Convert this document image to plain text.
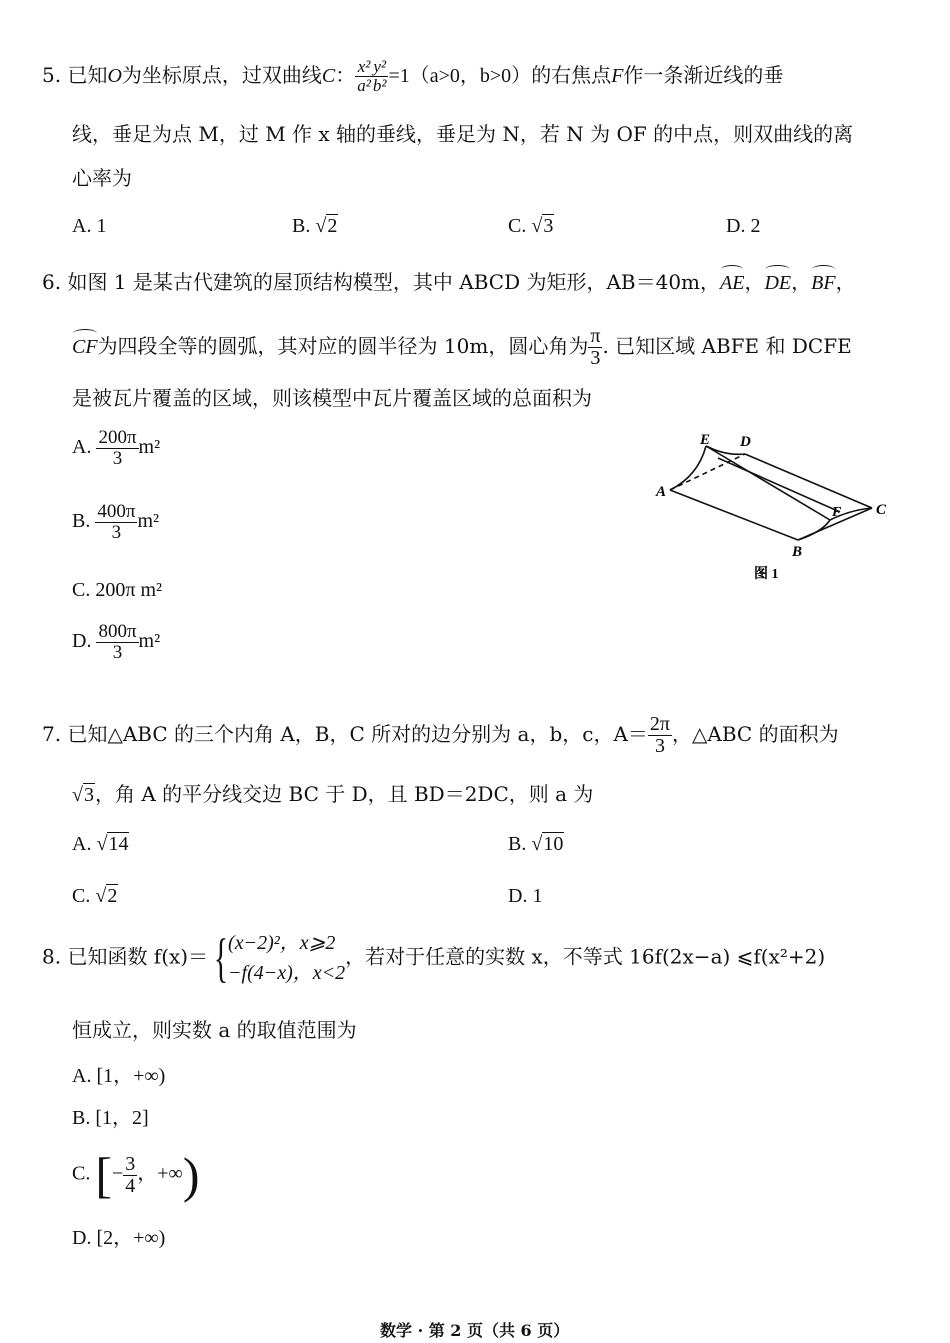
5. 已知O为坐标原点，过双曲线C： $\frac{\text{x²}}{\text{a²}}$
$\frac{\text{y²}}{\text{b²}} =1(a>0$，b>0）的右焦点F作一条渐近线的垂
线，垂足为点 M，过 M 作 x 轴的垂线，垂足为 N，若 N 为 OF 的中点，则双曲线的离
心率为
A. 1	B. √2	C. √3	D. 2
6. 如图 1 是某古代建筑的屋顶结构模型，其中 ABCD 为矩形，AB＝40m，AE，DE，BF，
CF为四段全等的圆弧，其对应的圆半径为 10m，圆心角为 $\frac{\pi}{3}$ . 已知区域 ABFE 和 DCFE
是被瓦片覆盖的区域，则该模型中瓦片覆盖区域的总面积为
A. $\frac{200\pi}{3} m^2$
B. $\frac{400\pi}{3} m^2$
C. 200π m²
D. $\frac{800\pi}{3} m^2$
A
E D
F C
B
图 1
7. 已知△ABC 的三个内角 A，B，C 所对的边分别为 a，b，c，$A= \frac{2\pi}{3}$ ，△ABC 的面积为
√3，角 A 的平分线交边 BC 于 D，且 BD＝2DC，则 a 为
A. √14	B. √10
C. √2	D. 1
8. 已知函数 f(x)＝ { (x−2)²，x⩾2
−f(4−x)，x<2
，若对于任意的实数 x，不等式 16f(2x−a) ⩽f(x²+2)
恒成立，则实数 a 的取值范围为
A. [1，+∞)
B. [1，2]
C. [− $\frac{3}{4}$ ，+∞)
D. [2，+∞)
数学 · 第 2 页（共 6 页）
